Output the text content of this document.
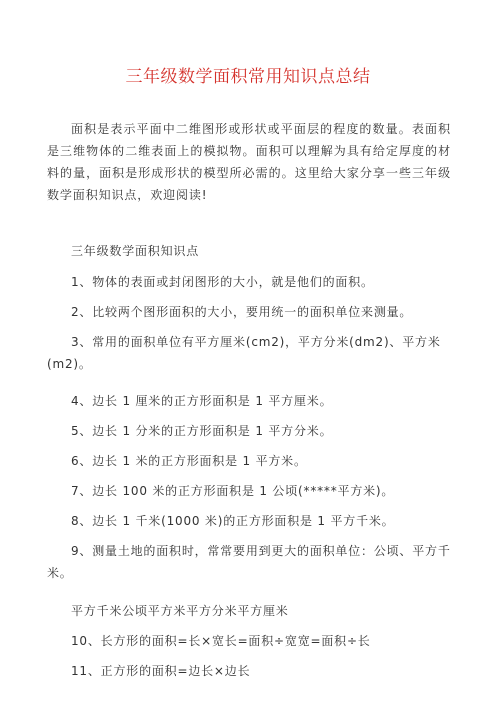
三年级数学面积常用知识点总结

面积是表示平面中二维图形或形状或平面层的程度的数量。表面积是三维物体的二维表面上的模拟物。面积可以理解为具有给定厚度的材料的量，面积是形成形状的模型所必需的。这里给大家分享一些三年级数学面积知识点，欢迎阅读!

三年级数学面积知识点

1、物体的表面或封闭图形的大小，就是他们的面积。

2、比较两个图形面积的大小，要用统一的面积单位来测量。

3、常用的面积单位有平方厘米(cm2)，平方分米(dm2)、平方米(m2)。

4、边长 1 厘米的正方形面积是 1 平方厘米。

5、边长 1 分米的正方形面积是 1 平方分米。

6、边长 1 米的正方形面积是 1 平方米。

7、边长 100 米的正方形面积是 1 公顷(*****平方米)。

8、边长 1 千米(1000 米)的正方形面积是 1 平方千米。

9、测量土地的面积时，常常要用到更大的面积单位：公顷、平方千米。

平方千米公顷平方米平方分米平方厘米

10、长方形的面积=长×宽长=面积÷宽宽=面积÷长

11、正方形的面积=边长×边长
